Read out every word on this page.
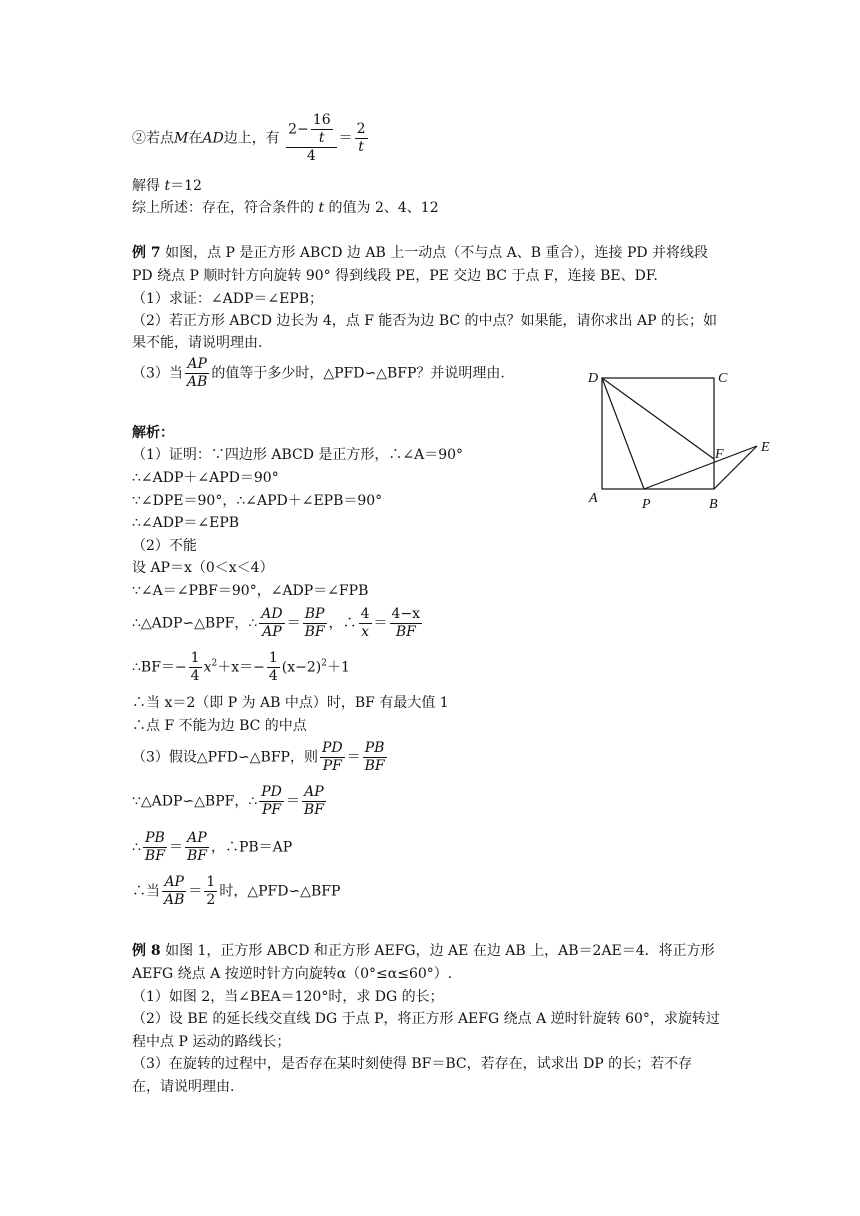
②若点M在AD边上，有 $\frac{2- \frac{16}{t}}{4} = \frac{2}{t}$
解得 t＝12
综上所述：存在，符合条件的 t 的值为 2、4、12
例 7 如图，点 P 是正方形 ABCD 边 AB 上一动点（不与点 A、B 重合），连接 PD 并将线段
PD 绕点 P 顺时针方向旋转 90° 得到线段 PE，PE 交边 BC 于点 F，连接 BE、DF.
（1）求证：∠ADP＝∠EPB；
（2）若正方形 ABCD 边长为 4，点 F 能否为边 BC 的中点？如果能，请你求出 AP 的长；如
果不能，请说明理由.
（3）当 $\frac{AP}{AB}$ 的值等于多少时，△PFD∽△BFP？并说明理由.	D	C
E
F
A	P	B
解析：
（1）证明：∵四边形 ABCD 是正方形，∴∠A＝90°
∴∠ADP＋∠APD＝90°
∵∠DPE＝90°，∴∠APD＋∠EPB＝90°
∴∠ADP＝∠EPB
（2）不能
设 AP＝x（0＜x＜4）
∵∠A＝∠PBF＝90°，∠ADP＝∠FPB
∴△ADP∽△BPF，∴ $\frac{AD}{AP} = \frac{BP}{BF}$ ，∴ $\frac{4}{x} = \frac{4-x}{BF}$
∴BF＝− $\frac{1}{4} x^2+x=- \frac{1}{4} (x-2)^2+1$
∴当 x＝2（即 P 为 AB 中点）时，BF 有最大值 1
∴点 F 不能为边 BC 的中点
（3）假设△PFD∽△BFP，则 $\frac{PD}{PF} = \frac{PB}{BF}$
∵△ADP∽△BPF，∴ $\frac{PD}{PF} = \frac{AP}{BF}$
∴ $\frac{PB}{BF} = \frac{AP}{BF}$ ，∴PB＝AP
∴当 $\frac{AP}{AB} = \frac{1}{2}$ 时，△PFD∽△BFP
例 8 如图 1，正方形 ABCD 和正方形 AEFG，边 AE 在边 AB 上，AB＝2AE＝4．将正方形
AEFG 绕点 A 按逆时针方向旋转α（0°≤α≤60°）.
（1）如图 2，当∠BEA＝120°时，求 DG 的长；
（2）设 BE 的延长线交直线 DG 于点 P，将正方形 AEFG 绕点 A 逆时针旋转 60°，求旋转过
程中点 P 运动的路线长；
（3）在旋转的过程中，是否存在某时刻使得 BF＝BC，若存在，试求出 DP 的长；若不存
在，请说明理由.
